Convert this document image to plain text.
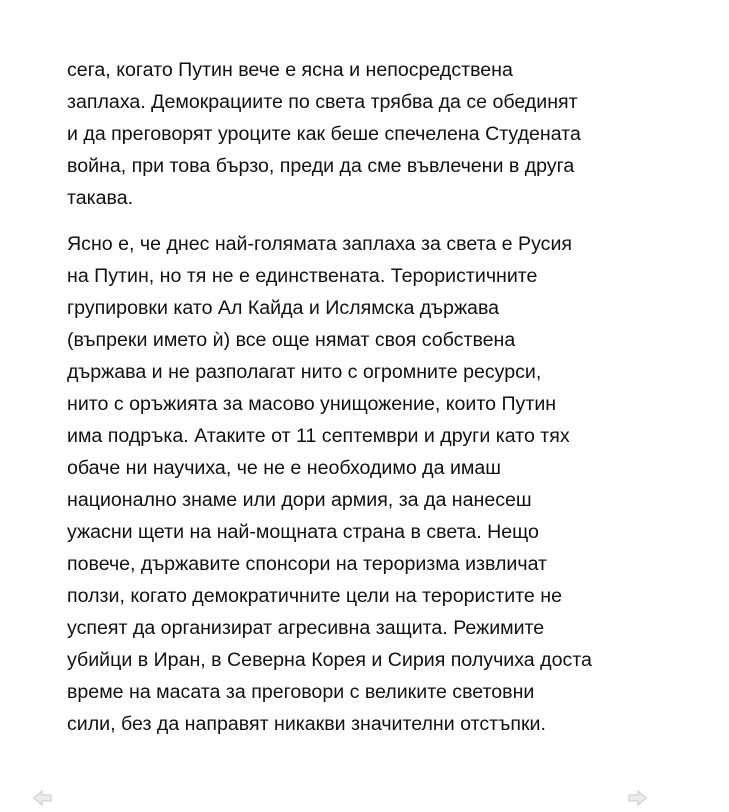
сега, когато Путин вече е ясна и непосредствена
заплаха. Демокрациите по света трябва да се обединят
и да преговорят уроците как беше спечелена Студената
война, при това бързо, преди да сме въвлечени в друга
такава.

Ясно е, че днес най-голямата заплаха за света е Русия
на Путин, но тя не е единствената. Терористичните
групировки като Ал Кайда и Ислямска държава
(въпреки името ѝ) все още нямат своя собствена
държава и не разполагат нито с огромните ресурси,
нито с оръжията за масово унищожение, които Путин
има подръка. Атаките от 11 септември и други като тях
обаче ни научиха, че не е необходимо да имаш
национално знаме или дори армия, за да нанесеш
ужасни щети на най-мощната страна в света. Нещо
повече, държавите спонсори на тероризма извличат
ползи, когато демократичните цели на терористите не
успеят да организират агресивна защита. Режимите
убийци в Иран, в Северна Корея и Сирия получиха доста
време на масата за преговори с великите световни
сили, без да направят никакви значителни отстъпки.
